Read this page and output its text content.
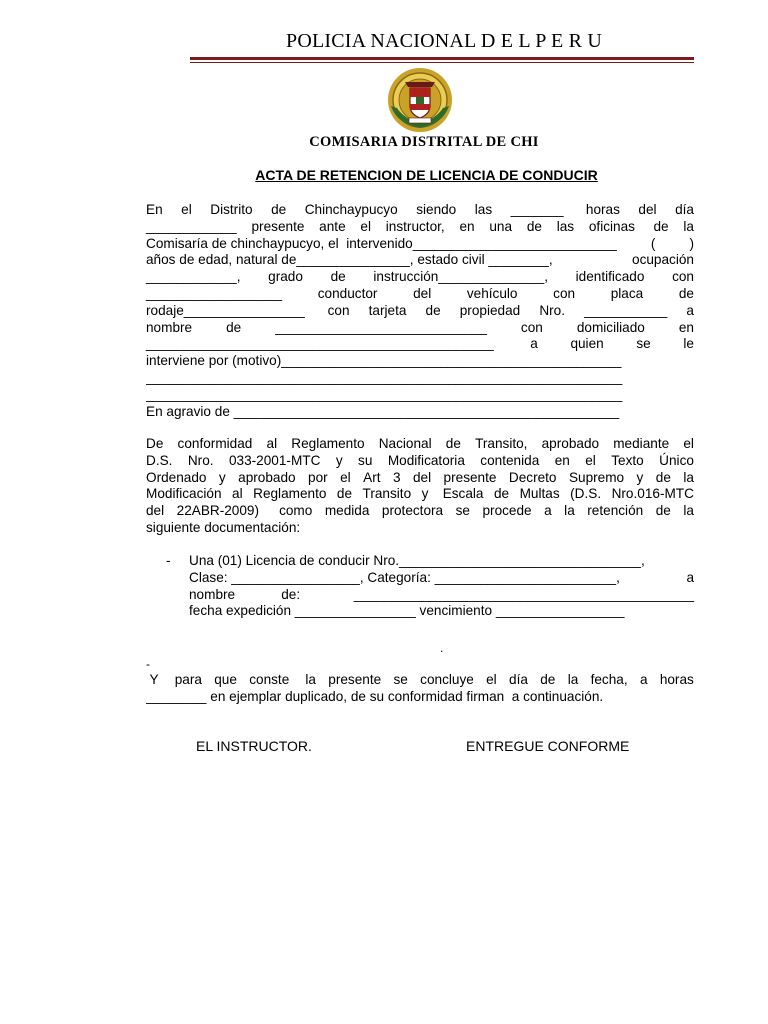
POLICIA NACIONAL D E L P E R U
COMISARIA DISTRITAL DE CHI
ACTA DE RETENCION DE LICENCIA DE CONDUCIR
En el Distrito de Chinchaypucyo siendo las _______ horas del día
____________ presente ante el instructor, en una de las oficinas de la
Comisaría de chinchaypucyo, el  intervenido___________________________	(	)
años de edad, natural de_______________, estado civil ________,	ocupación
____________, grado de instrucción______________, identificado con
__________________	conductor	del	vehículo	con	placa	de
rodaje________________ con tarjeta de propiedad Nro. ___________ a
nombre	de	____________________________	con	domiciliado	en
______________________________________________ a quien se le
interviene por (motivo)_____________________________________________
_______________________________________________________________
_______________________________________________________________
En agravio de ___________________________________________________
De conformidad al Reglamento Nacional de Transito, aprobado mediante el
D.S. Nro. 033-2001-MTC y su Modificatoria contenida en el Texto Único
Ordenado y aprobado por el Art 3 del presente Decreto Supremo y de la
Modificación al Reglamento de Transito y Escala de Multas (D.S. Nro.016-MTC
del 22ABR-2009) como medida protectora se procede a la retención de la
siguiente documentación:
- Una (01) Licencia de conducir Nro.________________________________,
Clase: _________________, Categoría: ________________________,	a
nombre	de:	_____________________________________________
fecha expedición ________________ vencimiento _________________
.
-
Y para que conste la presente se concluye el día de la fecha, a horas
________ en ejemplar duplicado, de su conformidad firman  a continuación.
EL INSTRUCTOR.	ENTREGUE CONFORME
